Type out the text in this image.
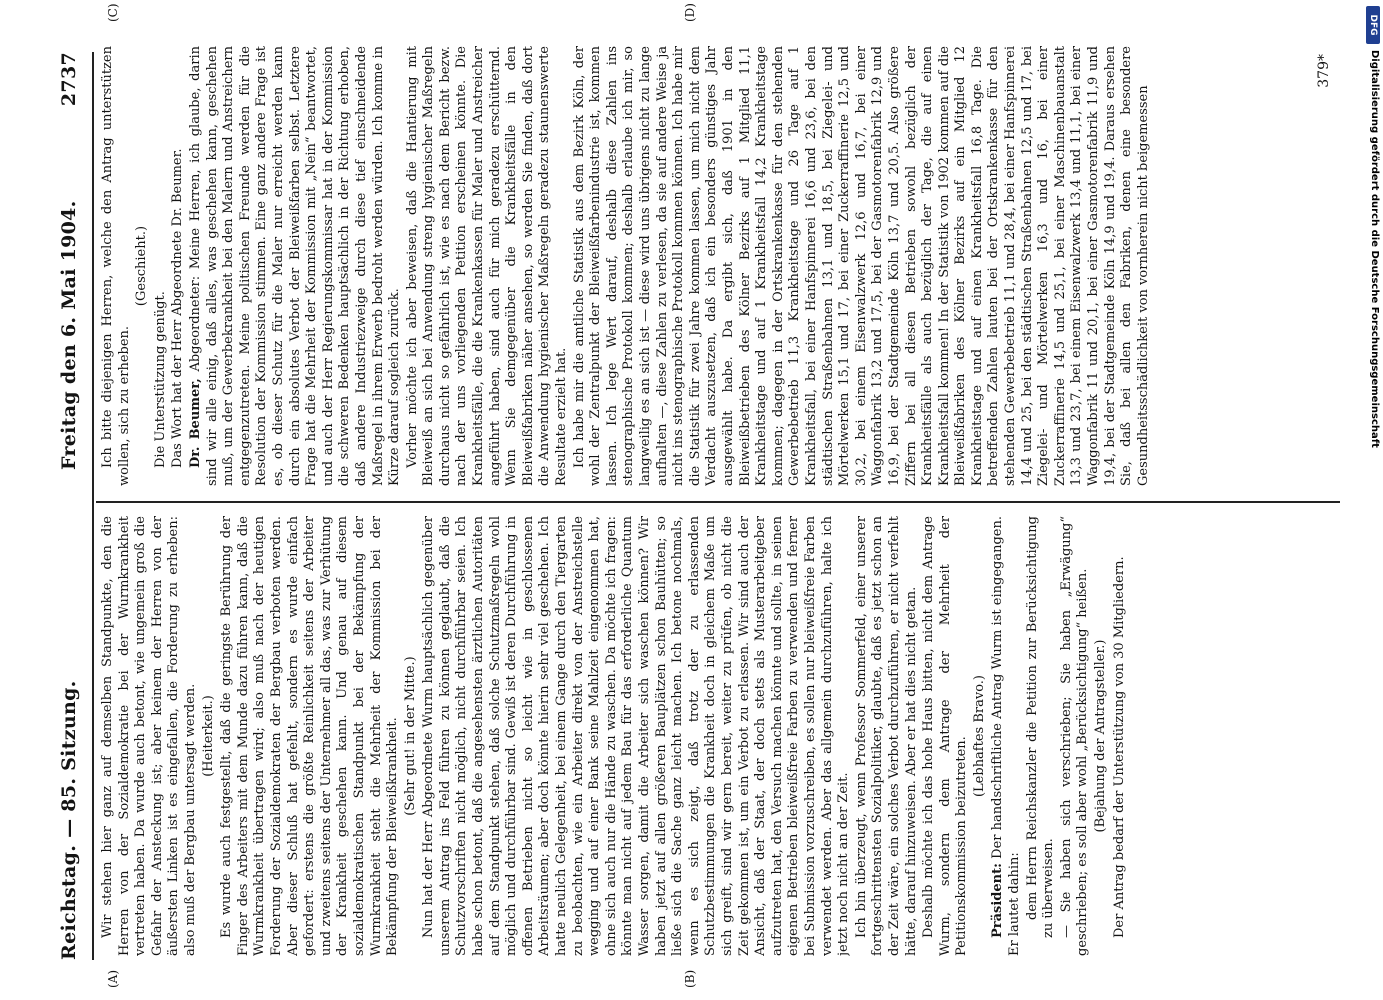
Reichstag. — 85. Sitzung.
Freitag den 6. Mai 1904.
2737
(A)	(B)
(C)	(D)

Wir stehen hier ganz auf demselben Standpunkte, den die Herren von der Sozialdemokratie bei der Wurmkrankheit vertreten haben. Da wurde auch betont, wie ungemein groß die Gefahr der Ansteckung ist; aber keinem der Herren von der äußersten Linken ist es eingefallen, die Forderung zu erheben: also muß der Bergbau untersagt werden. (Heiterkeit.) Es wurde auch festgestellt, daß die geringste Berührung der Finger des Arbeiters mit dem Munde dazu führen kann, daß die Wurmkrankheit übertragen wird; also muß nach der heutigen Forderung der Sozialdemokraten der Bergbau verboten werden. Aber dieser Schluß hat gefehlt, sondern es wurde einfach gefordert: erstens die größte Reinlichkeit seitens der Arbeiter und zweitens seitens der Unternehmer all das, was zur Verhütung der Krankheit geschehen kann. Und genau auf diesem sozialdemokratischen Standpunkt bei der Bekämpfung der Wurmkrankheit steht die Mehrheit der Kommission bei der Bekämpfung der Bleiweißkrankheit. (Sehr gut! in der Mitte.) Nun hat der Herr Abgeordnete Wurm hauptsächlich gegenüber unserem Antrag ins Feld führen zu können geglaubt, daß die Schutzvorschriften nicht möglich, nicht durchführbar seien. Ich habe schon betont, daß die angesehensten ärztlichen Autoritäten auf dem Standpunkt stehen, daß solche Schutzmaßregeln wohl möglich und durchführbar sind. Gewiß ist deren Durchführung in offenen Betrieben nicht so leicht wie in geschlossenen Arbeitsräumen; aber doch könnte hierin sehr viel geschehen. Ich hatte neulich Gelegenheit, bei einem Gange durch den Tiergarten zu beobachten, wie ein Arbeiter direkt von der Anstreichstelle wegging und auf einer Bank seine Mahlzeit eingenommen hat, ohne sich auch nur die Hände zu waschen. Da möchte ich fragen: könnte man nicht auf jedem Bau für das erforderliche Quantum Wasser sorgen, damit die Arbeiter sich waschen können? Wir haben jetzt auf allen größeren Bauplätzen schon Bauhütten; so ließe sich die Sache ganz leicht machen. Ich betone nochmals, wenn es sich zeigt, daß trotz der zu erlassenden Schutzbestimmungen die Krankheit doch in gleichem Maße um sich greift, sind wir gern bereit, weiter zu prüfen, ob nicht die Zeit gekommen ist, um ein Verbot zu erlassen. Wir sind auch der Ansicht, daß der Staat, der doch stets als Musterarbeitgeber aufzutreten hat, den Versuch machen könnte und sollte, in seinen eigenen Betrieben bleiweißfreie Farben zu verwenden und ferner bei Submission vorzuschreiben, es sollen nur bleiweißfreie Farben verwendet werden. Aber das allgemein durchzuführen, halte ich jetzt noch nicht an der Zeit. Ich bin überzeugt, wenn Professor Sommerfeld, einer unserer fortgeschrittensten Sozialpolitiker, glaubte, daß es jetzt schon an der Zeit wäre, ein solches Verbot durchzuführen, er nicht verfehlt hätte, darauf hinzuweisen. Aber er hat dies nicht getan. Deshalb möchte ich das hohe Haus bitten, nicht dem Antrage Wurm, sondern dem Antrage der Mehrheit der Petitionskommission beizutreten.

(Lebhaftes Bravo.)

Präsident: Der handschriftliche Antrag Wurm ist eingegangen. Er lautet dahin: dem Herrn Reichskanzler die Petition zur Berücksichtigung zu überweisen. — Sie haben sich verschrieben; Sie haben „Erwägung“ geschrieben; es soll aber wohl „Berücksichtigung“ heißen. (Bejahung der Antragsteller.) Der Antrag bedarf der Unterstützung von 30 Mitgliedern.

Ich bitte diejenigen Herren, welche den Antrag unterstützen wollen, sich zu erheben.

(Geschieht.)

Die Unterstützung genügt. Das Wort hat der Herr Abgeordnete Dr. Beumer. Dr. Beumer, Abgeordneter: Meine Herren, ich glaube, darin sind wir alle einig, daß alles, was geschehen kann, geschehen muß, um der Gewerbekrankheit bei den Malern und Anstreichern entgegenzutreten. Meine politischen Freunde werden für die Resolution der Kommission stimmen. Eine ganz andere Frage ist es, ob dieser Schutz für die Maler nur erreicht werden kann durch ein absolutes Verbot der Bleiweißfarben selbst. Letztere Frage hat die Mehrheit der Kommission mit „Nein“ beantwortet, und auch der Herr Regierungskommissar hat in der Kommission die schweren Bedenken hauptsächlich in der Richtung erhoben, daß andere Industriezweige durch diese tief einschneidende Maßregel in ihrem Erwerb bedroht werden würden. Ich komme in Kürze darauf sogleich zurück. Vorher möchte ich aber beweisen, daß die Hantierung mit Bleiweiß an sich bei Anwendung streng hygienischer Maßregeln durchaus nicht so gefährlich ist, wie es nach dem Bericht bezw. nach der uns vorliegenden Petition erscheinen könnte. Die Krankheitsfälle, die die Krankenkassen für Maler und Anstreicher angeführt haben, sind auch für mich geradezu erschütternd. Wenn Sie demgegenüber die Krankheitsfälle in den Bleiweißfabriken näher ansehen, so werden Sie finden, daß dort die Anwendung hygienischer Maßregeln geradezu staunenswerte Resultate erzielt hat. Ich habe mir die amtliche Statistik aus dem Bezirk Köln, der wohl der Zentralpunkt der Bleiweißfarbenindustrie ist, kommen lassen. Ich lege Wert darauf, deshalb diese Zahlen ins stenographische Protokoll kommen; deshalb erlaube ich mir, so langweilig es an sich ist — diese wird uns übrigens nicht zu lange aufhalten —, diese Zahlen zu verlesen, da sie auf andere Weise ja nicht ins stenographische Protokoll kommen können. Ich habe mir die Statistik für zwei Jahre kommen lassen, um mich nicht dem Verdacht auszusetzen, daß ich ein besonders günstiges Jahr ausgewählt habe. Da ergibt sich, daß 1901 in den Bleiweißbetrieben des Kölner Bezirks auf 1 Mitglied 11,1 Krankheitstage und auf 1 Krankheitsfall 14,2 Krankheitstage kommen; dagegen in der Ortskrankenkasse für den stehenden Gewerbebetrieb 11,3 Krankheitstage und 26 Tage auf 1 Krankheitsfall, bei einer Hanfspinnerei 16,6 und 23,6, bei den städtischen Straßenbahnen 13,1 und 18,5, bei Ziegelei- und Mörtelwerken 15,1 und 17, bei einer Zuckerraffinerie 12,5 und 30,2, bei einem Eisenwalzwerk 12,6 und 16,7, bei einer Waggonfabrik 13,2 und 17,5, bei der Gasmotorenfabrik 12,9 und 16,9, bei der Stadtgemeinde Köln 13,7 und 20,5. Also größere Ziffern bei all diesen Betrieben sowohl bezüglich der Krankheitsfälle als auch bezüglich der Tage, die auf einen Krankheitsfall kommen! In der Statistik von 1902 kommen auf die Bleiweißfabriken des Kölner Bezirks auf ein Mitglied 12 Krankheitstage und auf einen Krankheitsfall 16,8 Tage. Die betreffenden Zahlen lauten bei der Ortskrankenkasse für den stehenden Gewerbebetrieb 11,1 und 28,4, bei einer Hanfspinnerei 14,4 und 25, bei den städtischen Straßenbahnen 12,5 und 17, bei Ziegelei- und Mörtelwerken 16,3 und 16, bei einer Zuckerraffinerie 14,5 und 25,1, bei einer Maschinenbauanstalt 13,3 und 23,7, bei einem Eisenwalzwerk 13,4 und 11,1, bei einer Waggonfabrik 11 und 20,1, bei einer Gasmotorenfabrik 11,9 und 19,4, bei der Stadtgemeinde Köln 14,9 und 19,4. Daraus ersehen Sie, daß bei allen den Fabriken, denen eine besondere Gesundheitsschädlichkeit von vornherein nicht beigemessen

379*
DFG
Digitalisierung gefördert durch die Deutsche Forschungsgemeinschaft
